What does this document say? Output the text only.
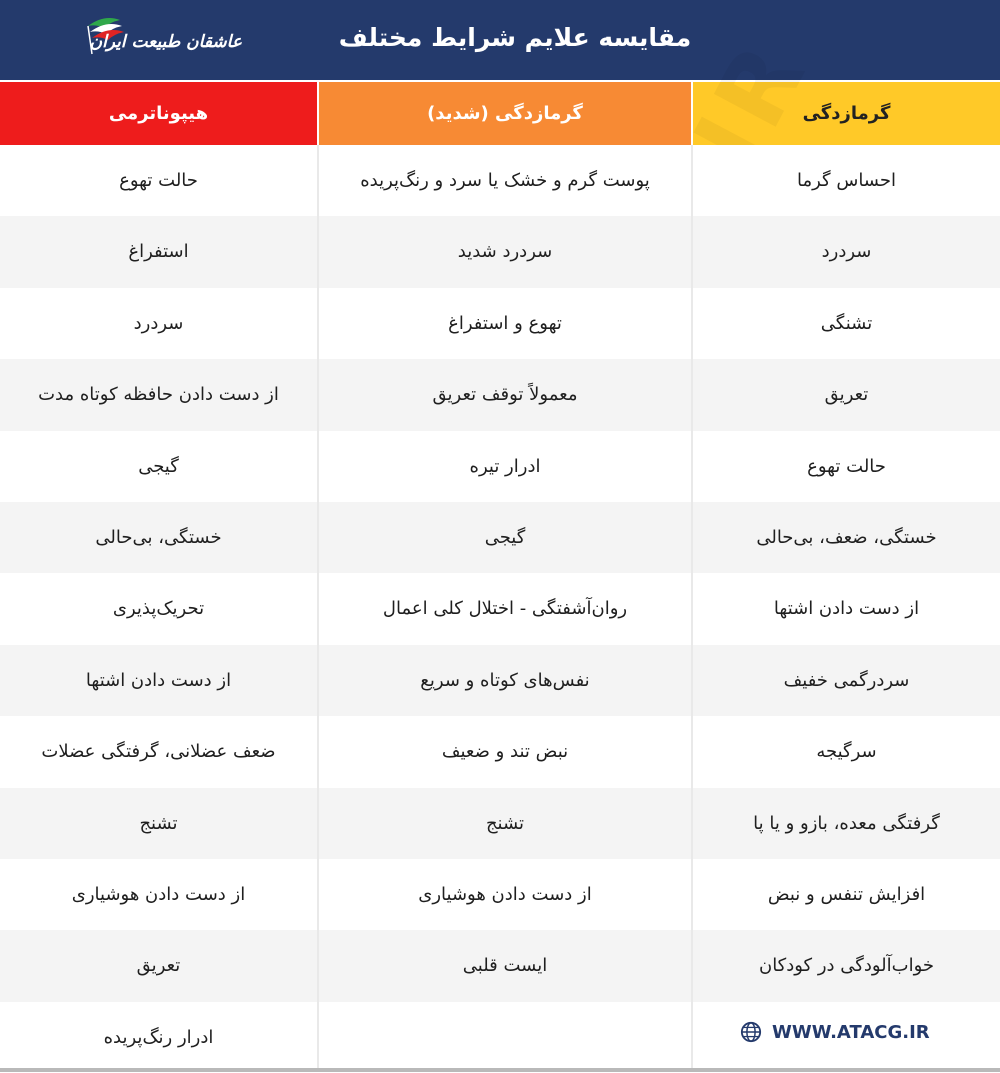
مقایسه علایم شرایط مختلف
عاشقان طبیعت ایران
گرمازدگی
گرمازدگی (شدید)
هیپوناترمی
احساس گرما
پوست گرم و خشک یا سرد و رنگ‌پریده
حالت تهوع
سردرد
سردرد شدید
استفراغ
تشنگی
تهوع و استفراغ
سردرد
تعریق
معمولاً توقف تعریق
از دست دادن حافظه کوتاه مدت
حالت تهوع
ادرار تیره
گیجی
خستگی، ضعف، بی‌حالی
گیجی
خستگی، بی‌حالی
از دست دادن اشتها
روان‌آشفتگی - اختلال کلی اعمال
تحریک‌پذیری
سردرگمی خفیف
نفس‌های کوتاه و سریع
از دست دادن اشتها
سرگیجه
نبض تند و ضعیف
ضعف عضلانی، گرفتگی عضلات
گرفتگی معده، بازو و یا پا
تشنج
تشنج
افزایش تنفس و نبض
از دست دادن هوشیاری
از دست دادن هوشیاری
خواب‌آلودگی در کودکان
ایست قلبی
تعریق
ادرار رنگ‌پریده	WWW.ATACG.IR
